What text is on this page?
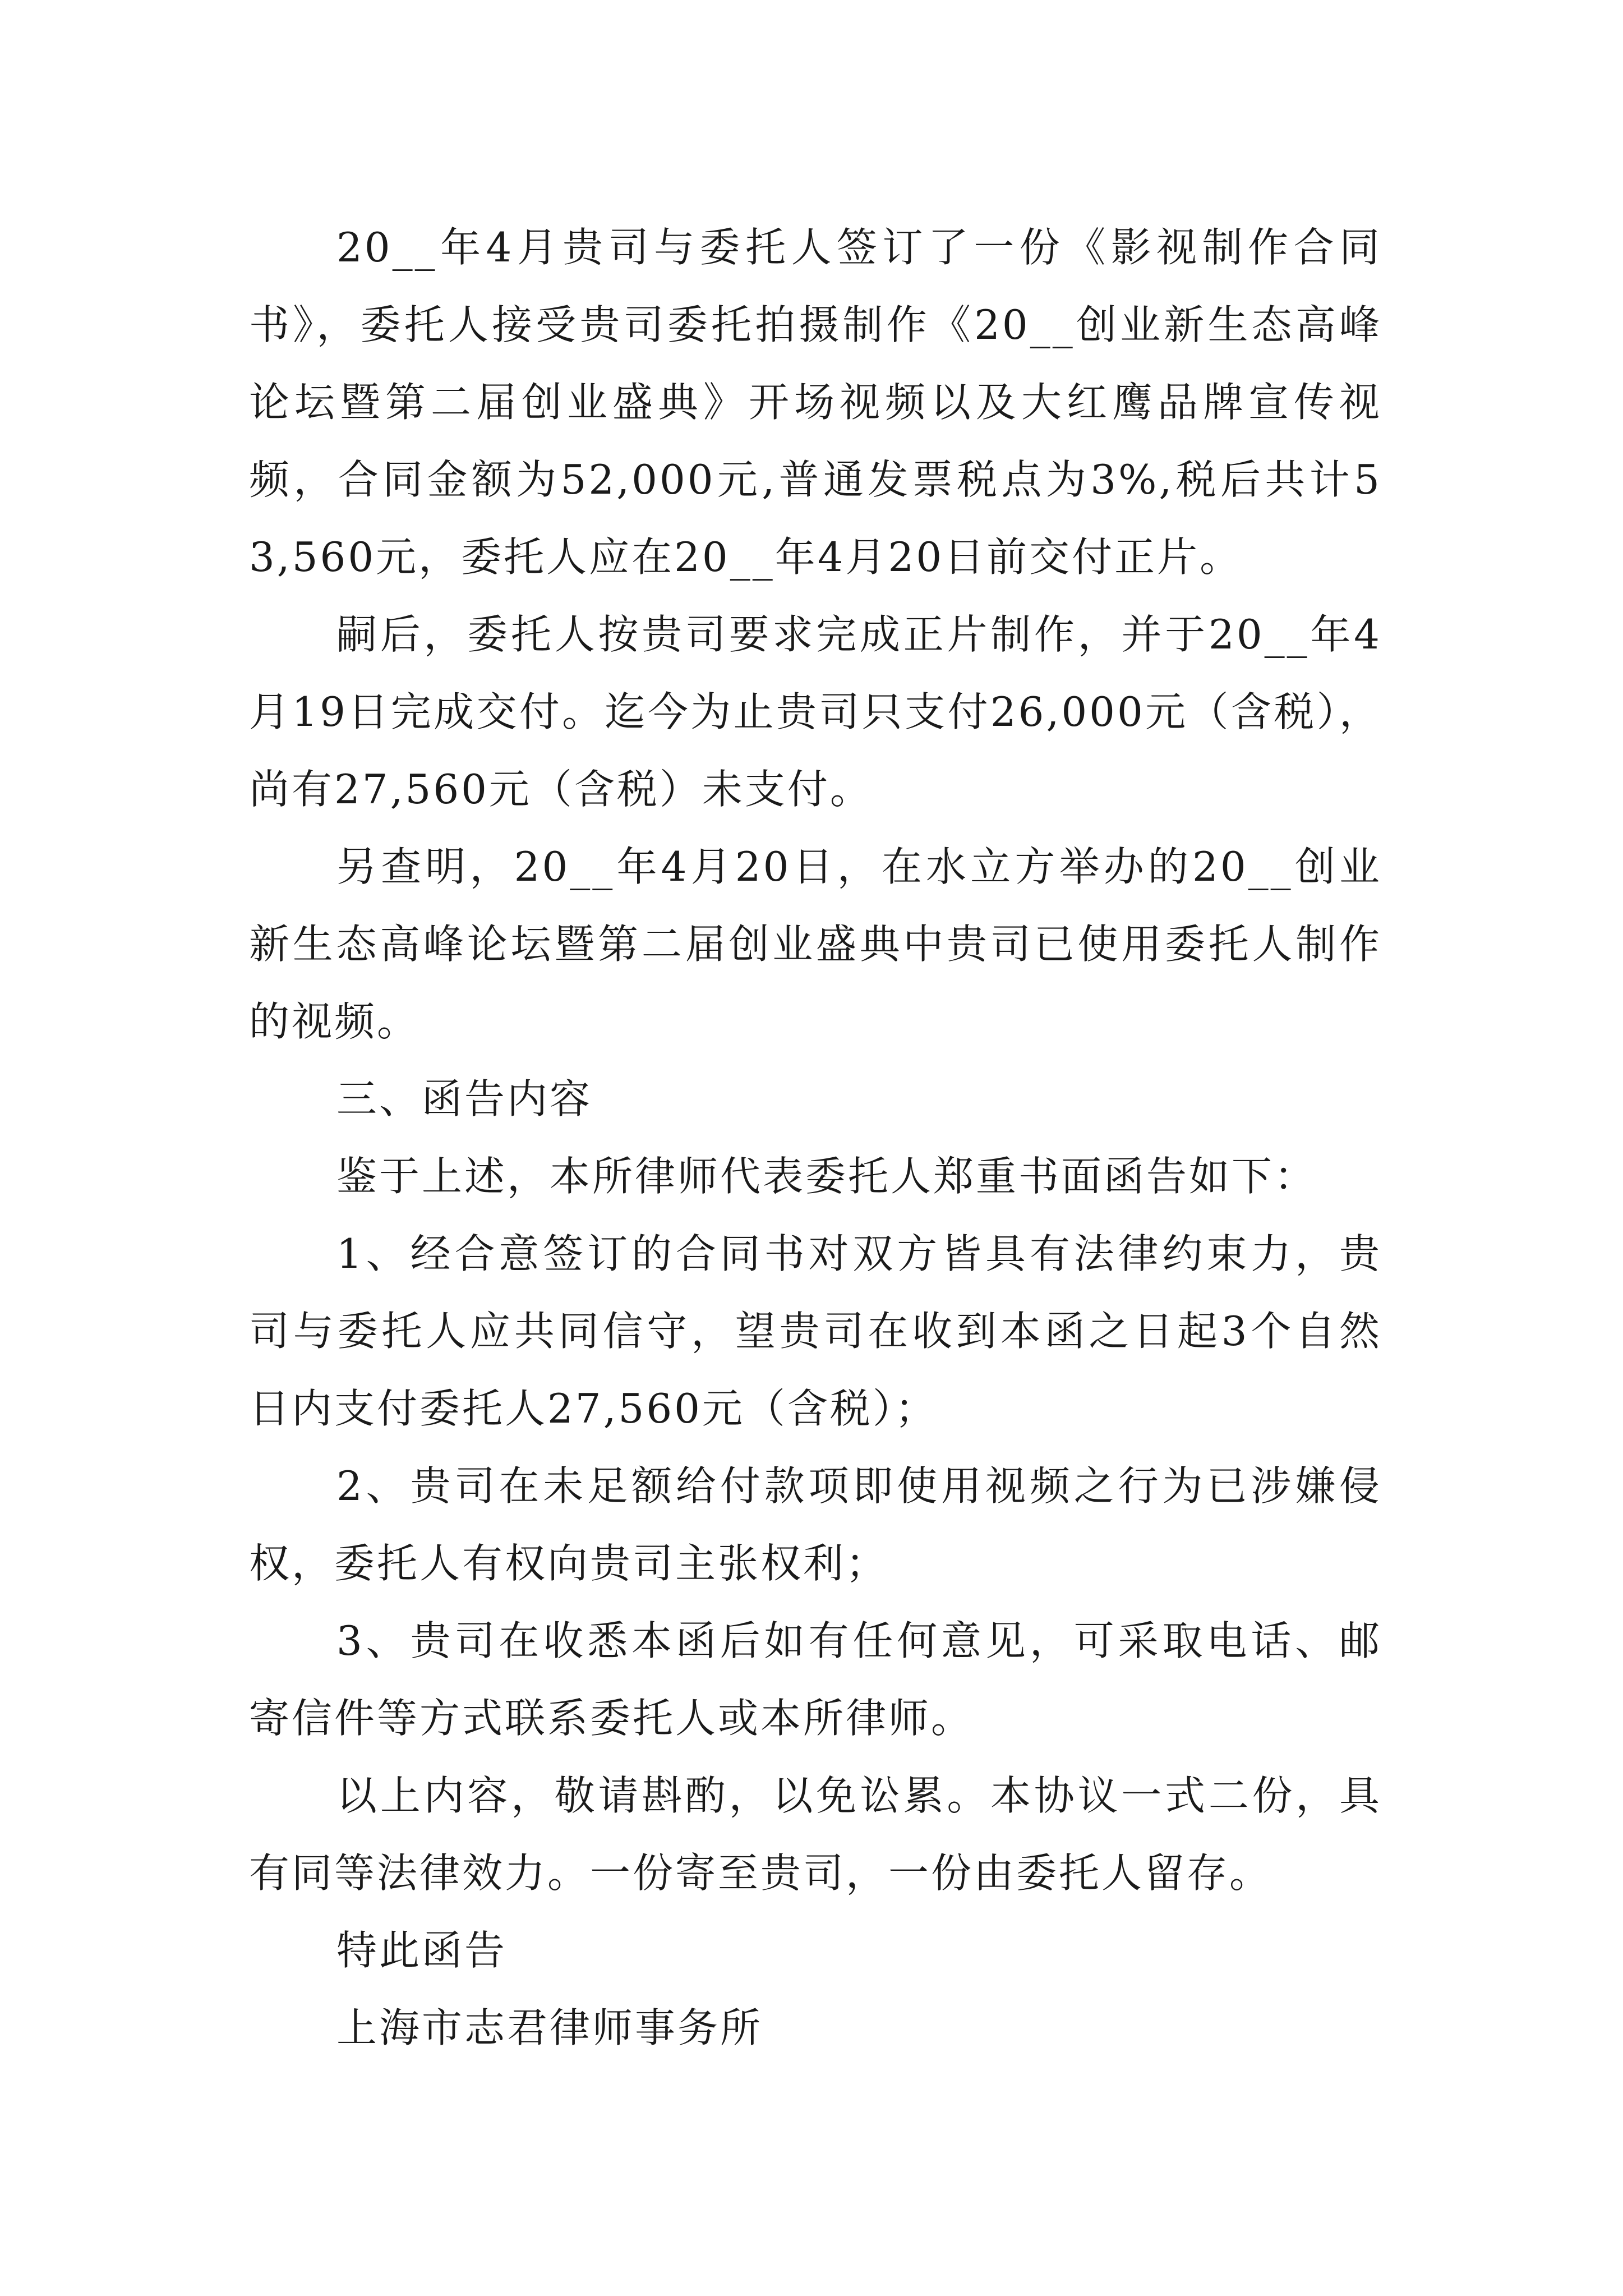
20__年4月贵司与委托人签订了一份《影视制作合同书》，委托人接受贵司委托拍摄制作《20__创业新生态高峰论坛暨第二届创业盛典》开场视频以及大红鹰品牌宣传视频，合同金额为52,000元,普通发票税点为3%,税后共计53,560元，委托人应在20__年4月20日前交付正片。

嗣后，委托人按贵司要求完成正片制作，并于20__年4月19日完成交付。迄今为止贵司只支付26,000元（含税），尚有27,560元（含税）未支付。

另查明，20__年4月20日，在水立方举办的20__创业新生态高峰论坛暨第二届创业盛典中贵司已使用委托人制作的视频。

三、函告内容

鉴于上述，本所律师代表委托人郑重书面函告如下：

1、经合意签订的合同书对双方皆具有法律约束力，贵司与委托人应共同信守，望贵司在收到本函之日起3个自然日内支付委托人27,560元（含税）；

2、贵司在未足额给付款项即使用视频之行为已涉嫌侵权，委托人有权向贵司主张权利；

3、贵司在收悉本函后如有任何意见，可采取电话、邮寄信件等方式联系委托人或本所律师。

以上内容，敬请斟酌，以免讼累。本协议一式二份，具有同等法律效力。一份寄至贵司，一份由委托人留存。

特此函告

上海市志君律师事务所
